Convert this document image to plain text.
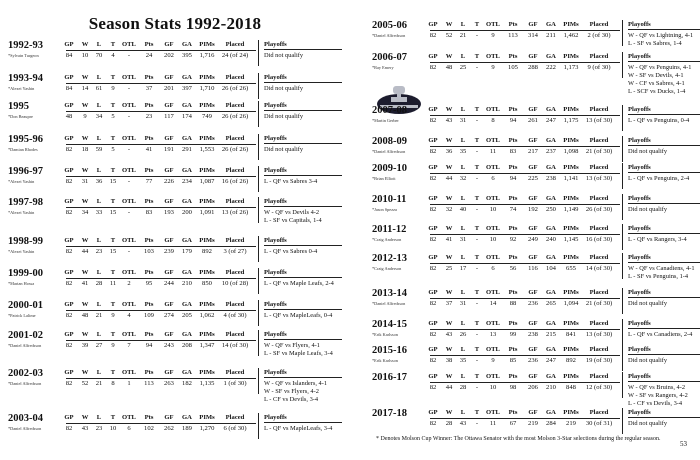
Season Stats 1992-2018
1992-93
*Sylvain Turgeon
GP W L T OTL Pts GF GA PIMs Placed
84 10 70 4 - 24 202 395 1,716 24 (of 24)
Playoffs
Did not qualify
1993-94
*Alexei Yashin
GP W L T OTL Pts GF GA PIMs Placed
84 14 61 9 - 37 201 397 1,710 26 (of 26)
Playoffs
Did not qualify
1995
*Don Beaupre
GP W L T OTL Pts GF GA PIMs Placed
48 9 34 5 - 23 117 174 749 26 (of 26)
Playoffs
Did not qualify
1995-96
*Damian Rhodes
GP W L T OTL Pts GF GA PIMs Placed
82 18 59 5 - 41 191 291 1,553 26 (of 26)
Playoffs
Did not qualify
1996-97
*Alexei Yashin
GP W L T OTL Pts GF GA PIMs Placed
82 31 36 15 - 77 226 234 1,087 16 (of 26)
Playoffs
L - QF vs Sabres 3-4
1997-98
*Alexei Yashin
GP W L T OTL Pts GF GA PIMs Placed
82 34 33 15 - 83 193 200 1,091 13 (of 26)
Playoffs
W - QF vs Devils 4-2
L - SF vs Capitals, 1-4
1998-99
*Alexei Yashin
GP W L T OTL Pts GF GA PIMs Placed
82 44 23 15 - 103 239 179 892 3 (of 27)
Playoffs
L - QF vs Sabres 0-4
1999-00
*Marian Hossa
GP W L T OTL Pts GF GA PIMs Placed
82 41 28 11 2 95 244 210 850 10 (of 28)
Playoffs
L - QF vs Maple Leafs, 2-4
2000-01
*Patrick Lalime
GP W L T OTL Pts GF GA PIMs Placed
82 48 21 9 4 109 274 205 1,062 4 (of 30)
Playoffs
L - QF vs MapleLeafs, 0-4
2001-02
*Daniel Alfredsson
GP W L T OTL Pts GF GA PIMs Placed
82 39 27 9 7 94 243 208 1,347 14 (of 30)
Playoffs
W - QF vs Flyers, 4-1
L - SF vs Maple Leafs, 3-4
2002-03
*Daniel Alfredsson
GP W L T OTL Pts GF GA PIMs Placed
82 52 21 8 1 113 263 182 1,135 1 (of 30)
Playoffs
W - QF vs Islanders, 4-1
W - SF vs Flyers, 4-2
L - CF vs Devils, 3-4
2003-04
*Daniel Alfredsson
GP W L T OTL Pts GF GA PIMs Placed
82 43 23 10 6 102 262 189 1,270 6 (of 30)
Playoffs
L - QF vs MapleLeafs, 3-4
2005-06
*Daniel Alfredsson
GP W L T OTL Pts GF GA PIMs Placed
82 52 21 - 9 113 314 211 1,462 2 (of 30)
Playoffs
W - QF vs Lightning, 4-1
L - SF vs Sabres, 1-4
2006-07
*Ray Emery
GP W L T OTL Pts GF GA PIMs Placed
82 48 25 - 9 105 288 222 1,173 9 (of 30)
Playoffs
W - QF vs Penguins, 4-1
W - SF vs Devils, 4-1
W - CF vs Sabres, 4-1
L - SCF vs Ducks, 1-4
2007-08
*Martin Gerber
GP W L T OTL Pts GF GA PIMs Placed
82 43 31 - 8 94 261 247 1,175 13 (of 30)
Playoffs
L - QF vs Penguins, 0-4
2008-09
*Daniel Alfredsson
GP W L T OTL Pts GF GA PIMs Placed
82 36 35 - 11 83 217 237 1,098 21 (of 30)
Playoffs
Did not qualify
2009-10
*Brian Elliott
GP W L T OTL Pts GF GA PIMs Placed
82 44 32 - 6 94 225 238 1,141 13 (of 30)
Playoffs
L - QF vs Penguins, 2-4
2010-11
*Jason Spezza
GP W L T OTL Pts GF GA PIMs Placed
82 32 40 - 10 74 192 250 1,149 26 (of 30)
Playoffs
Did not qualify
2011-12
*Craig Anderson
GP W L T OTL Pts GF GA PIMs Placed
82 41 31 - 10 92 249 240 1,145 16 (of 30)
Playoffs
L - QF vs Rangers, 3-4
2012-13
*Craig Anderson
GP W L T OTL Pts GF GA PIMs Placed
82 25 17 - 6 56 116 104 655 14 (of 30)
Playoffs
W - QF vs Canadiens, 4-1
L - SF vs Penguins, 1-4
2013-14
*Daniel Alfredsson
GP W L T OTL Pts GF GA PIMs Placed
82 37 31 - 14 88 236 265 1,094 21 (of 30)
Playoffs
Did not qualify
2014-15
*Erik Karlsson
GP W L T OTL Pts GF GA PIMs Placed
82 43 26 - 13 99 238 215 841 13 (of 30)
Playoffs
L - QF vs Canadiens, 2-4
2015-16
*Erik Karlsson
GP W L T OTL Pts GF GA PIMs Placed
82 38 35 - 9 85 236 247 892 19 (of 30)
Playoffs
Did not qualify
2016-17	GP W L T OTL Pts GF GA PIMs Placed
82 44 28 - 10 98 206 210 848 12 (of 30)
Playoffs
W - QF vs Bruins, 4-2
W - SF vs Rangers, 4-2
L - CF vs Devils, 3-4
2017-18	GP W L T OTL Pts GF GA PIMs Placed
82 28 43 - 11 67 219 284 219 30 (of 31)
Playoffs
Did not qualify
* Denotes Molson Cup Winner: The Ottawa Senator with the most Molson 3-Star selections during the regular season.
53
